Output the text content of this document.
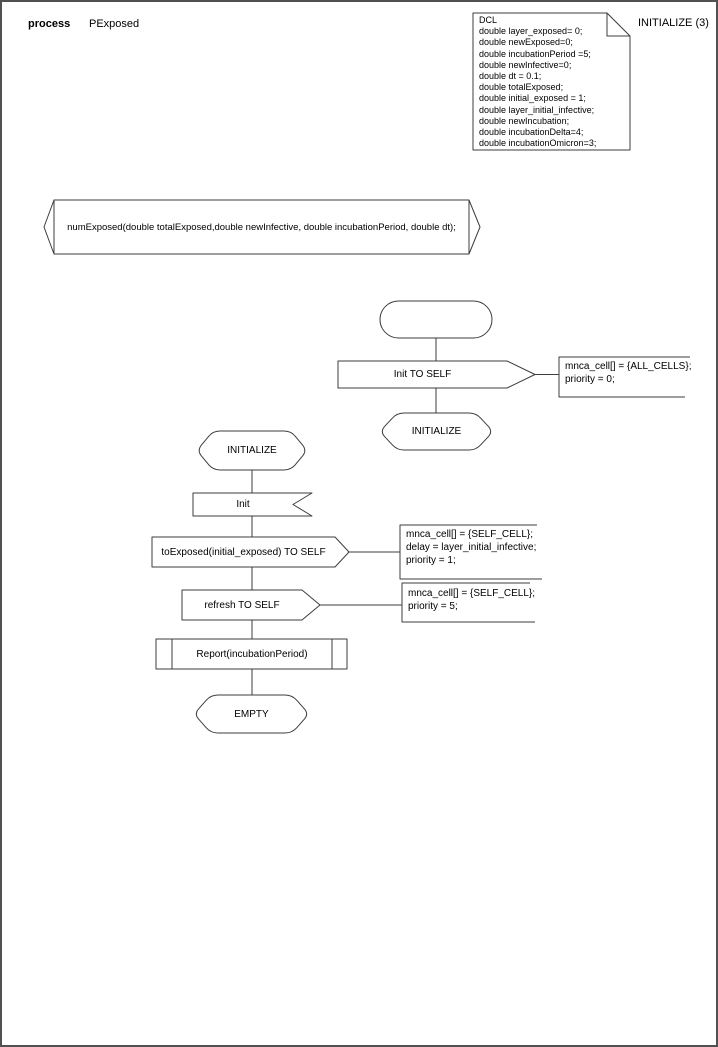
process PExposed	INITIALIZE (3)
DCL
double layer_exposed= 0;
double newExposed=0;
double incubationPeriod =5;
double newInfective=0;
double dt = 0.1;
double totalExposed;
double initial_exposed = 1;
double layer_initial_infective;
double newIncubation;
double incubationDelta=4;
double incubationOmicron=3;
numExposed(double totalExposed,double newInfective, double incubationPeriod, double dt);
Init TO SELF
mnca_cell[] = {ALL_CELLS};
priority = 0;
INITIALIZE
INITIALIZE
Init
toExposed(initial_exposed) TO SELF
mnca_cell[] = {SELF_CELL};
delay = layer_initial_infective;
priority = 1;
refresh TO SELF
mnca_cell[] = {SELF_CELL};
priority = 5;
Report(incubationPeriod)
EMPTY
